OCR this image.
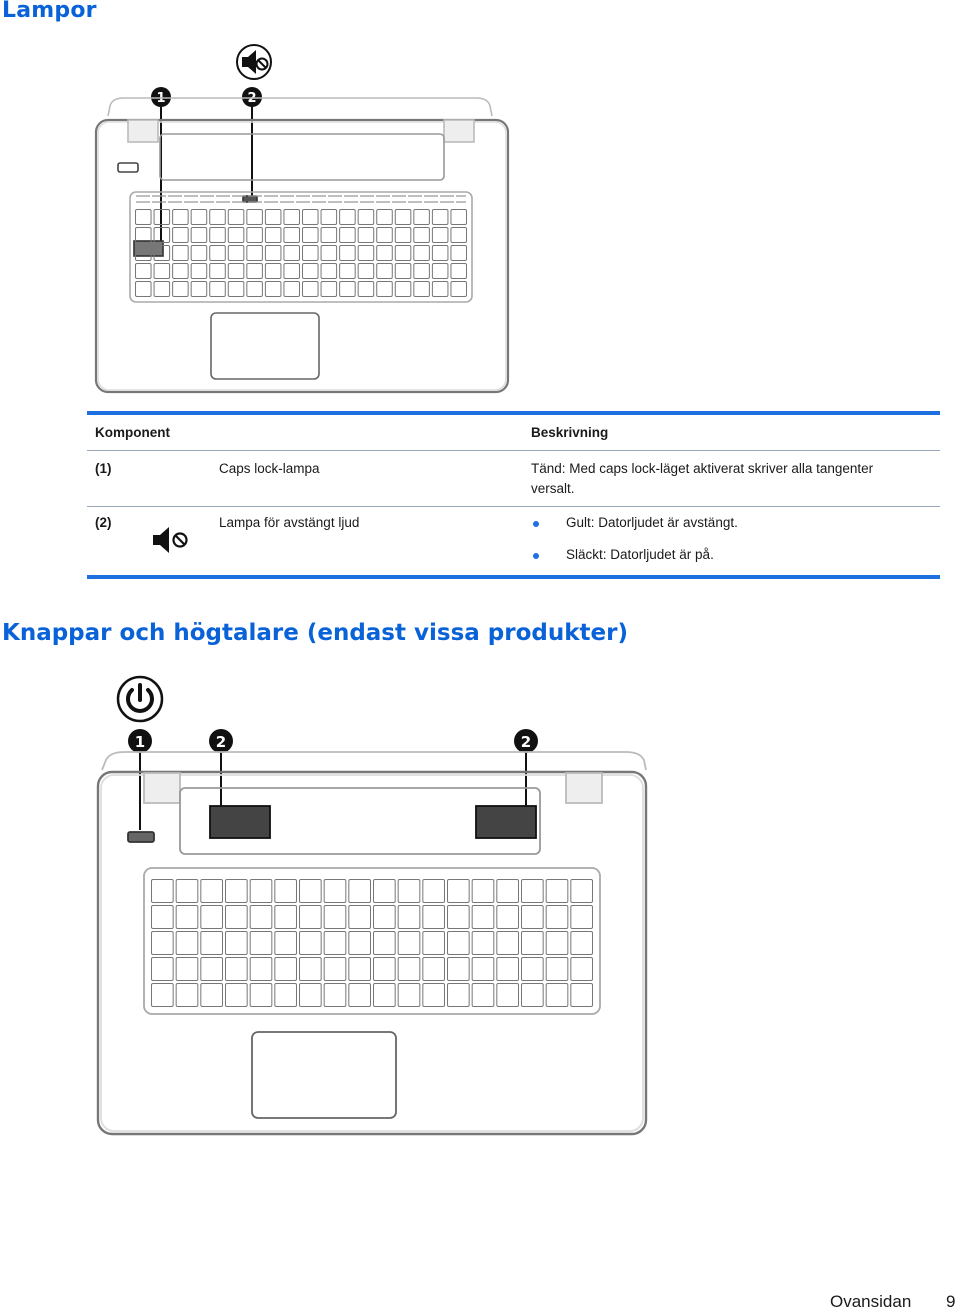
Lampor
1	2
Komponent	Beskrivning
(1)	Caps lock-lampa	Tänd: Med caps lock-läget aktiverat skriver alla tangenter
versalt.
(2)	Lampa för avstängt ljud	Gult: Datorljudet är avstängt.
Släckt: Datorljudet är på.
Knappar och högtalare (endast vissa produkter)
1	2	2
Ovansidan 9
